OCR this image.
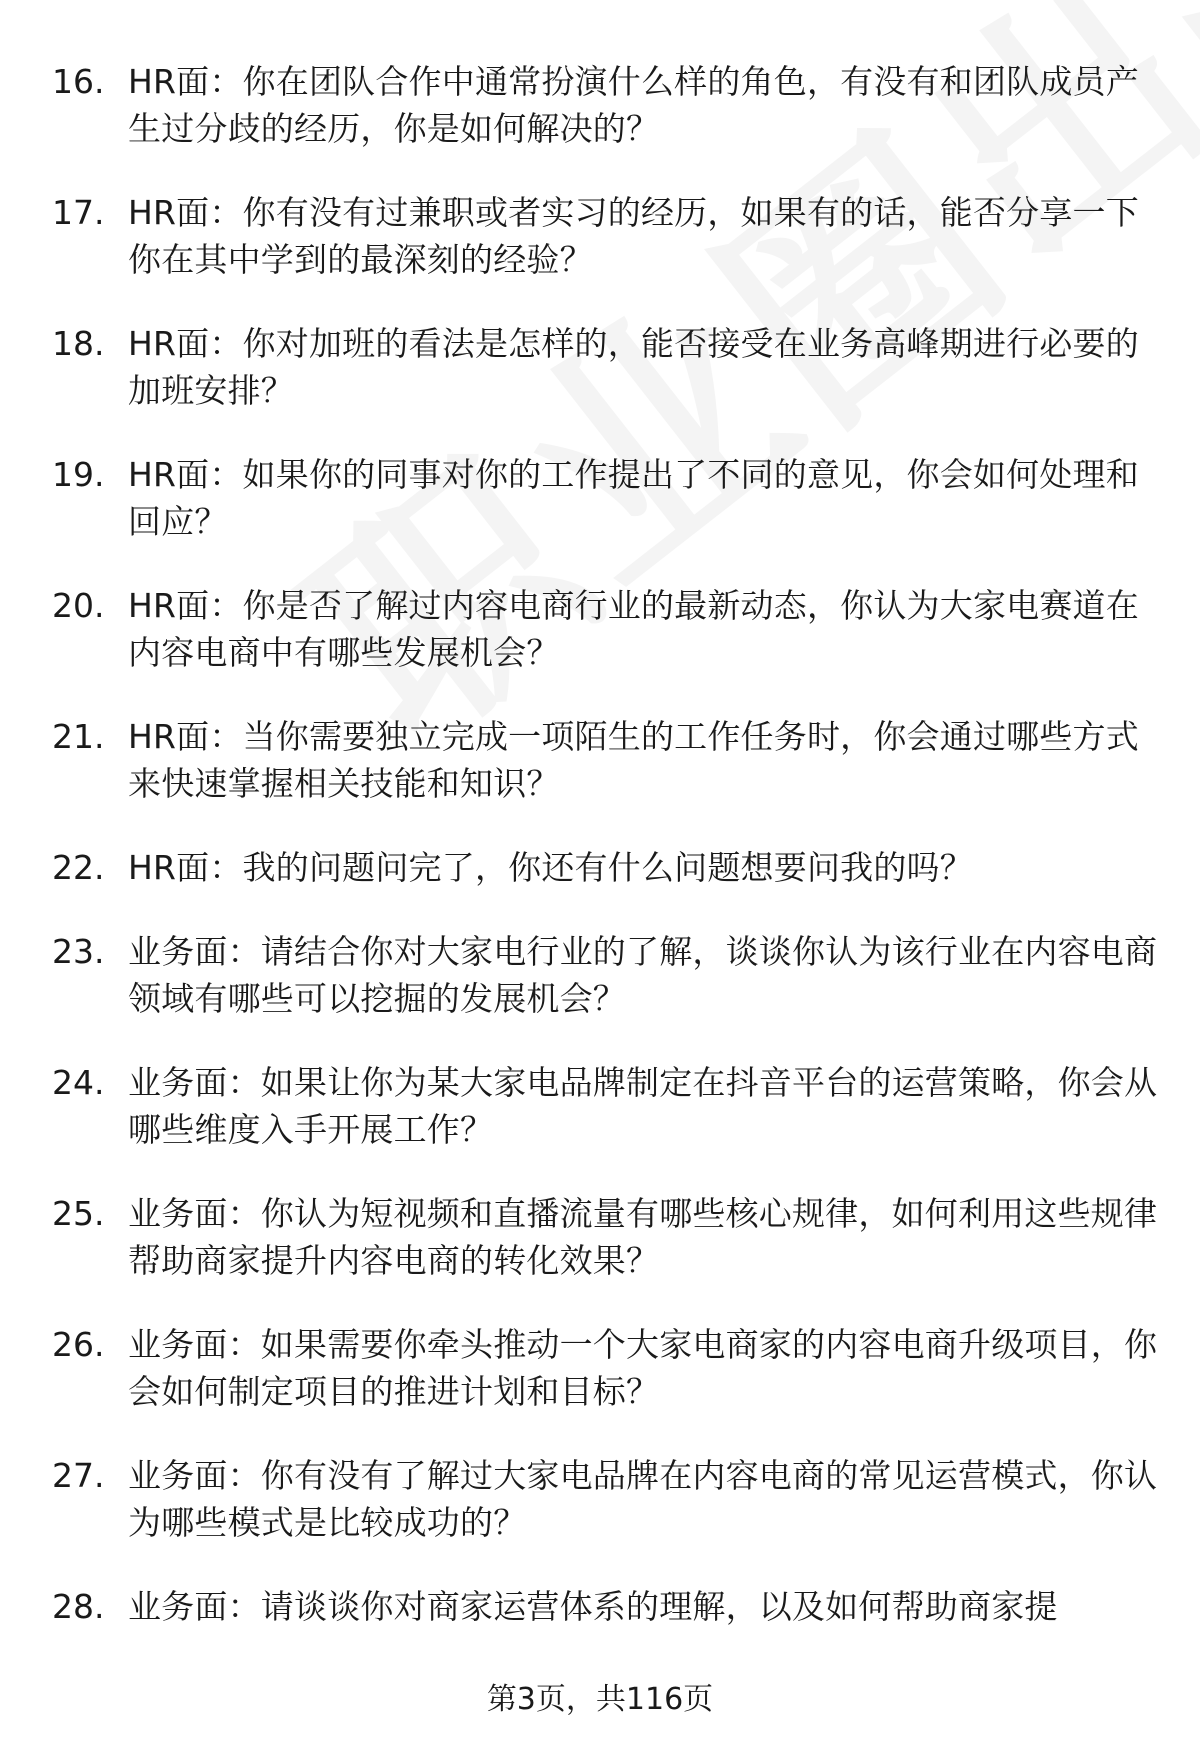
16. HR面：你在团队合作中通常扮演什么样的角色，有没有和团队成员产生过分歧的经历，你是如何解决的？
17. HR面：你有没有过兼职或者实习的经历，如果有的话，能否分享一下你在其中学到的最深刻的经验？
18. HR面：你对加班的看法是怎样的，能否接受在业务高峰期进行必要的加班安排？
19. HR面：如果你的同事对你的工作提出了不同的意见，你会如何处理和回应？
20. HR面：你是否了解过内容电商行业的最新动态，你认为大家电赛道在内容电商中有哪些发展机会？
21. HR面：当你需要独立完成一项陌生的工作任务时，你会通过哪些方式来快速掌握相关技能和知识？
22. HR面：我的问题问完了，你还有什么问题想要问我的吗？
23. 业务面：请结合你对大家电行业的了解，谈谈你认为该行业在内容电商领域有哪些可以挖掘的发展机会？
24. 业务面：如果让你为某大家电品牌制定在抖音平台的运营策略，你会从哪些维度入手开展工作？
25. 业务面：你认为短视频和直播流量有哪些核心规律，如何利用这些规律帮助商家提升内容电商的转化效果？
26. 业务面：如果需要你牵头推动一个大家电商家的内容电商升级项目，你会如何制定项目的推进计划和目标？
27. 业务面：你有没有了解过大家电品牌在内容电商的常见运营模式，你认为哪些模式是比较成功的？
28. 业务面：请谈谈你对商家运营体系的理解，以及如何帮助商家提
第3页，共116页
